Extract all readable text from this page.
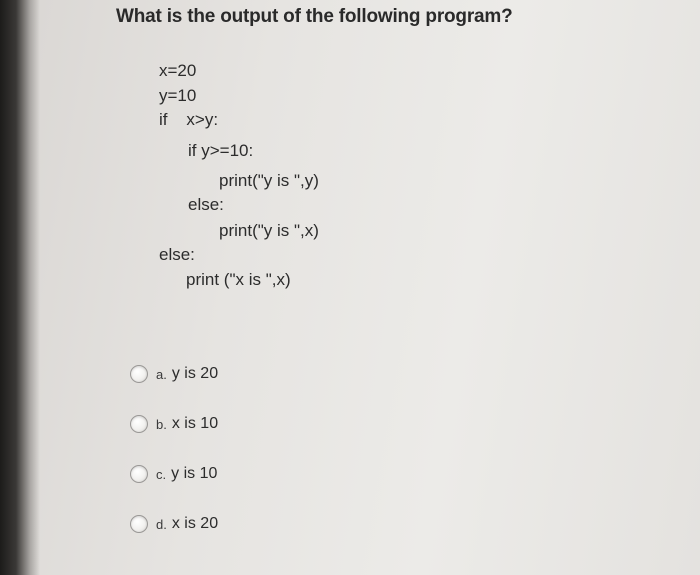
What is the output of the following program?
x=20
y=10
if    x>y:
if y>=10:
print("y is ",y)
else:
print("y is ",x)
else:
print ("x is ",x)
a. y is 20
b. x is 10
c. y is 10
d. x is 20
